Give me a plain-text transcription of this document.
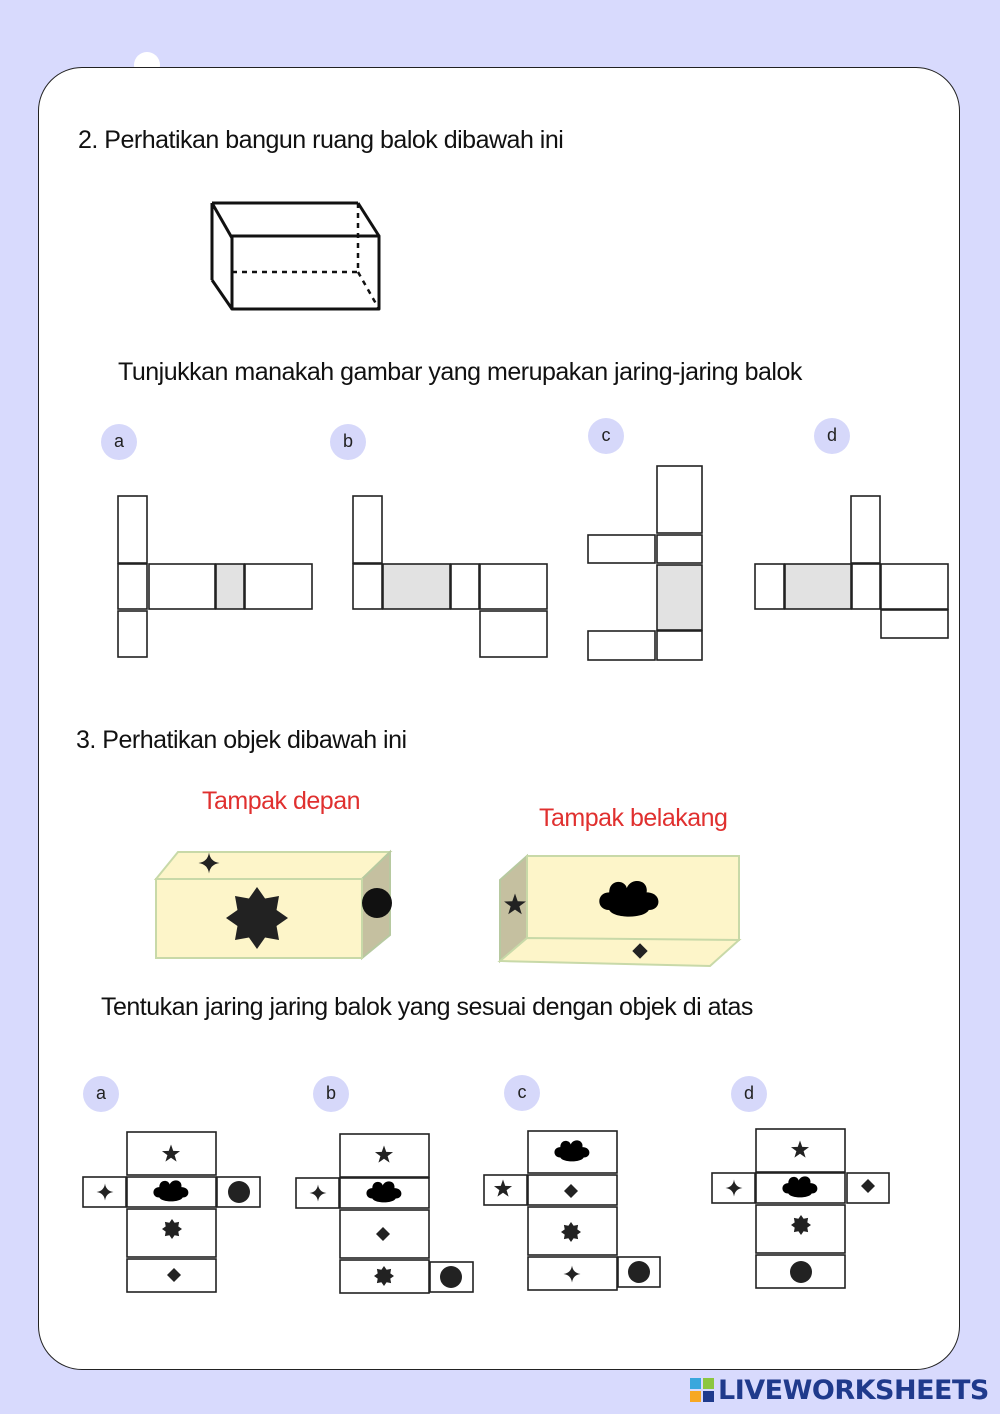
2. Perhatikan bangun ruang balok dibawah ini
Tunjukkan manakah gambar yang merupakan jaring-jaring balok
a	b	c	d
3. Perhatikan objek dibawah ini
Tampak depan
Tampak belakang
Tentukan jaring jaring balok yang sesuai dengan objek di atas
a	b	c	d
LIVEWORKSHEETS
